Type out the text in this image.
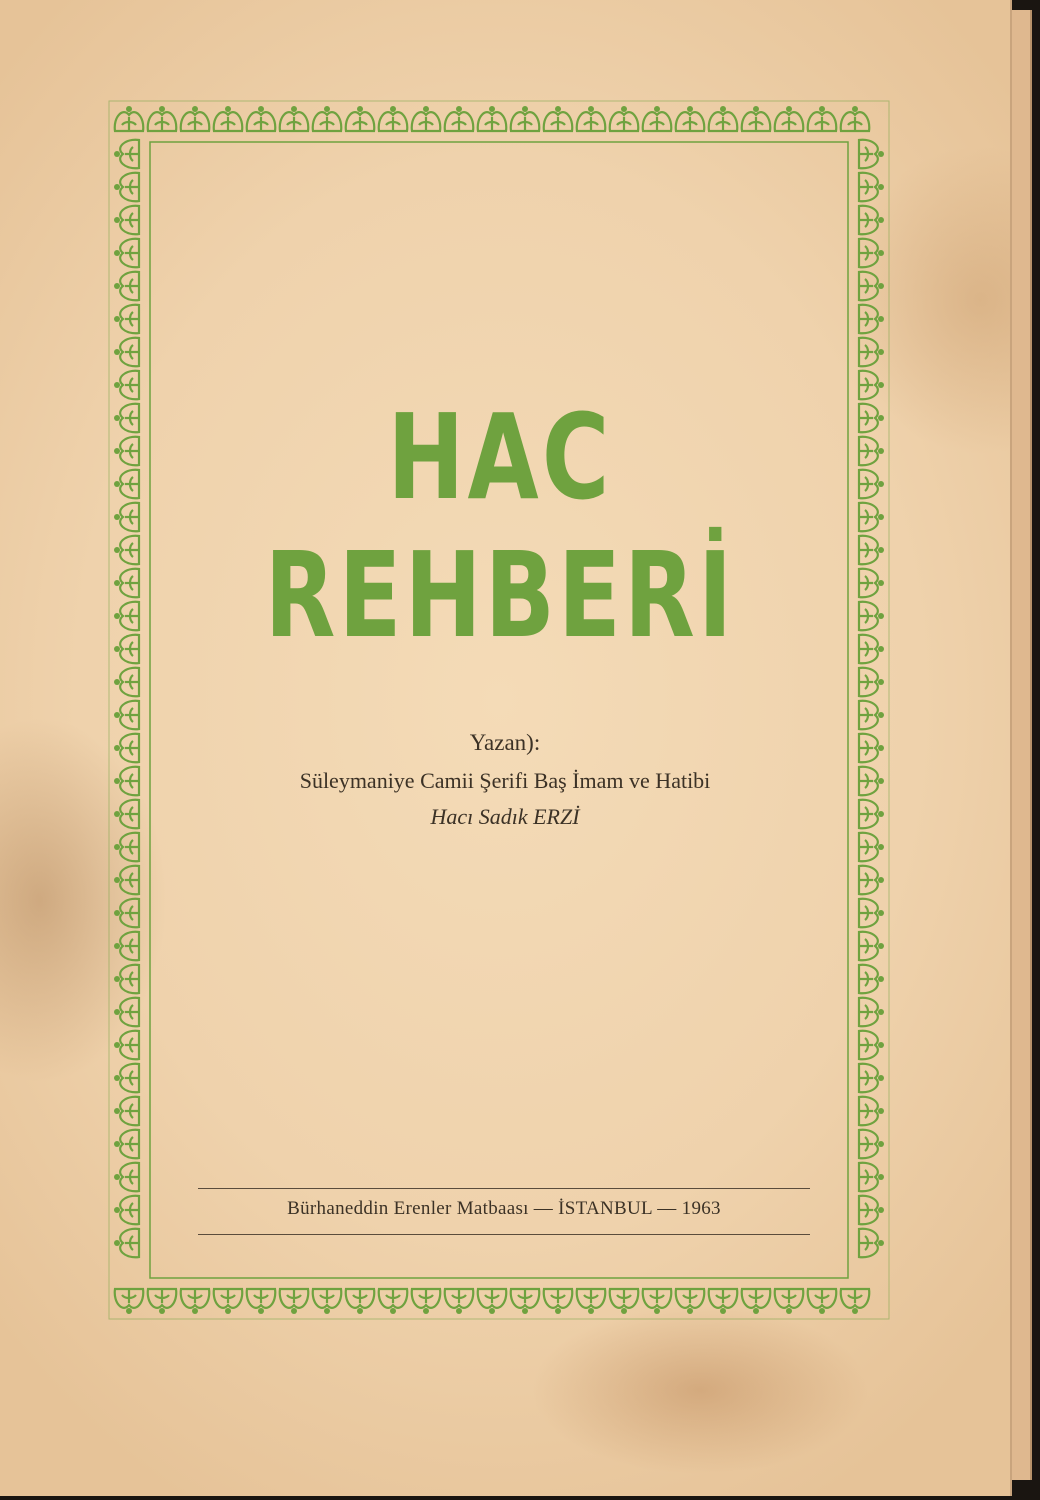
HAC REHBERİ
Yazan):
Süleymaniye Camii Şerifi Baş İmam ve Hatibi
Hacı Sadık ERZİ
Bürhaneddin Erenler Matbaası — İSTANBUL — 1963
